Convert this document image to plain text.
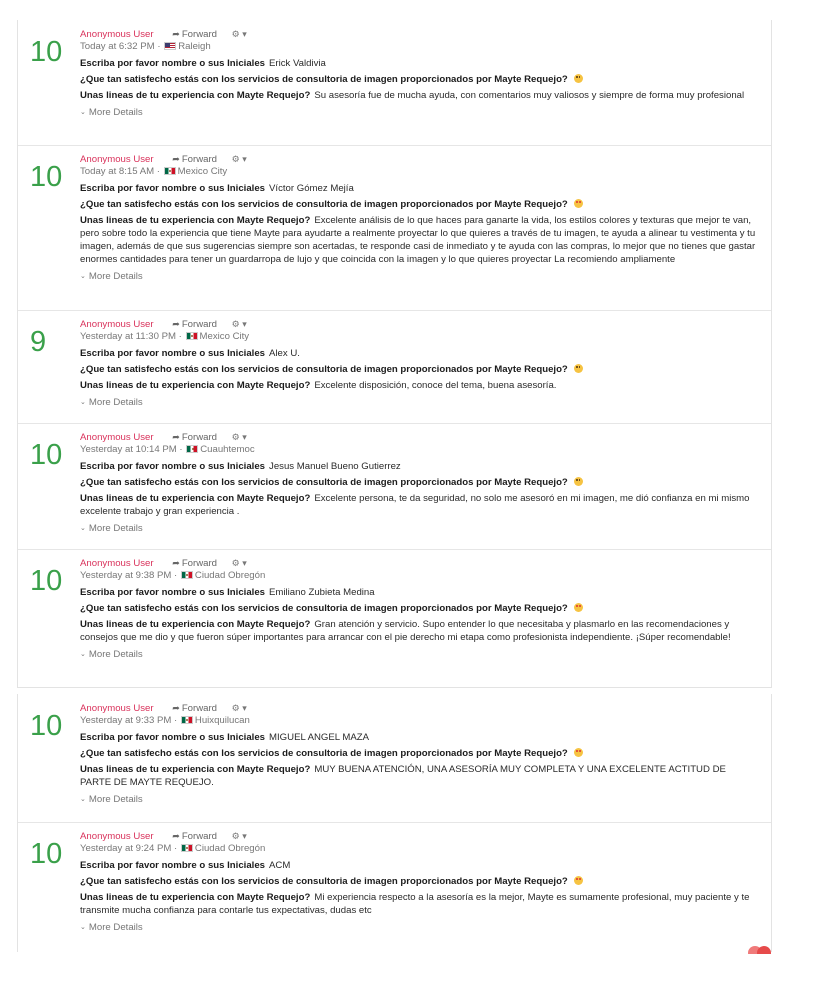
10
Anonymous User ➦ Forward ⚙ ▾
Today at 6:32 PM · Raleigh
Escriba por favor nombre o sus Iniciales Erick Valdivia
¿Que tan satisfecho estás con los servicios de consultoria de imagen proporcionados por Mayte Requejo?
Unas lineas de tu experiencia con Mayte Requejo? Su asesoría fue de mucha ayuda, con comentarios muy valiosos y siempre de forma muy profesional
⌄ More Details
10
Anonymous User ➦ Forward ⚙ ▾
Today at 8:15 AM · Mexico City
Escriba por favor nombre o sus Iniciales Víctor Gómez Mejía
¿Que tan satisfecho estás con los servicios de consultoria de imagen proporcionados por Mayte Requejo?
Unas lineas de tu experiencia con Mayte Requejo? Excelente análisis de lo que haces para ganarte la vida, los estilos colores y texturas que mejor te van, pero sobre todo la experiencia que tiene Mayte para ayudarte a realmente proyectar lo que quieres a través de tu imagen, te ayuda a alinear tu vestimenta y tu imagen, además de que sus sugerencias siempre son acertadas, te responde casi de inmediato y te ayuda con las compras, lo mejor que no tienes que gastar enormes cantidades para tener un guardarropa de lujo y que coincida con la imagen y lo que quieres proyectar La recomiendo ampliamente
⌄ More Details
9
Anonymous User ➦ Forward ⚙ ▾
Yesterday at 11:30 PM · Mexico City
Escriba por favor nombre o sus Iniciales Alex U.
¿Que tan satisfecho estás con los servicios de consultoria de imagen proporcionados por Mayte Requejo?
Unas lineas de tu experiencia con Mayte Requejo? Excelente disposición, conoce del tema, buena asesoría.
⌄ More Details
10
Anonymous User ➦ Forward ⚙ ▾
Yesterday at 10:14 PM · Cuauhtemoc
Escriba por favor nombre o sus Iniciales Jesus Manuel Bueno Gutierrez
¿Que tan satisfecho estás con los servicios de consultoria de imagen proporcionados por Mayte Requejo?
Unas lineas de tu experiencia con Mayte Requejo? Excelente persona, te da seguridad, no solo me asesoró en mi imagen, me dió confianza en mi mismo excelente trabajo y gran experiencia .
⌄ More Details
10
Anonymous User ➦ Forward ⚙ ▾
Yesterday at 9:38 PM · Ciudad Obregón
Escriba por favor nombre o sus Iniciales Emiliano Zubieta Medina
¿Que tan satisfecho estás con los servicios de consultoria de imagen proporcionados por Mayte Requejo?
Unas lineas de tu experiencia con Mayte Requejo? Gran atención y servicio. Supo entender lo que necesitaba y plasmarlo en las recomendaciones y consejos que me dio y que fueron súper importantes para arrancar con el pie derecho mi etapa como profesionista independiente. ¡Súper recomendable!
⌄ More Details
10
Anonymous User ➦ Forward ⚙ ▾
Yesterday at 9:33 PM · Huixquilucan
Escriba por favor nombre o sus Iniciales MIGUEL ANGEL MAZA
¿Que tan satisfecho estás con los servicios de consultoria de imagen proporcionados por Mayte Requejo?
Unas lineas de tu experiencia con Mayte Requejo? MUY BUENA ATENCIÓN, UNA ASESORÍA MUY COMPLETA Y UNA EXCELENTE ACTITUD DE PARTE DE MAYTE REQUEJO.
⌄ More Details
10
Anonymous User ➦ Forward ⚙ ▾
Yesterday at 9:24 PM · Ciudad Obregón
Escriba por favor nombre o sus Iniciales ACM
¿Que tan satisfecho estás con los servicios de consultoria de imagen proporcionados por Mayte Requejo?
Unas lineas de tu experiencia con Mayte Requejo? Mi experiencia respecto a la asesoría es la mejor, Mayte es sumamente profesional, muy paciente y te transmite mucha confianza para contarle tus expectativas, dudas etc
⌄ More Details
